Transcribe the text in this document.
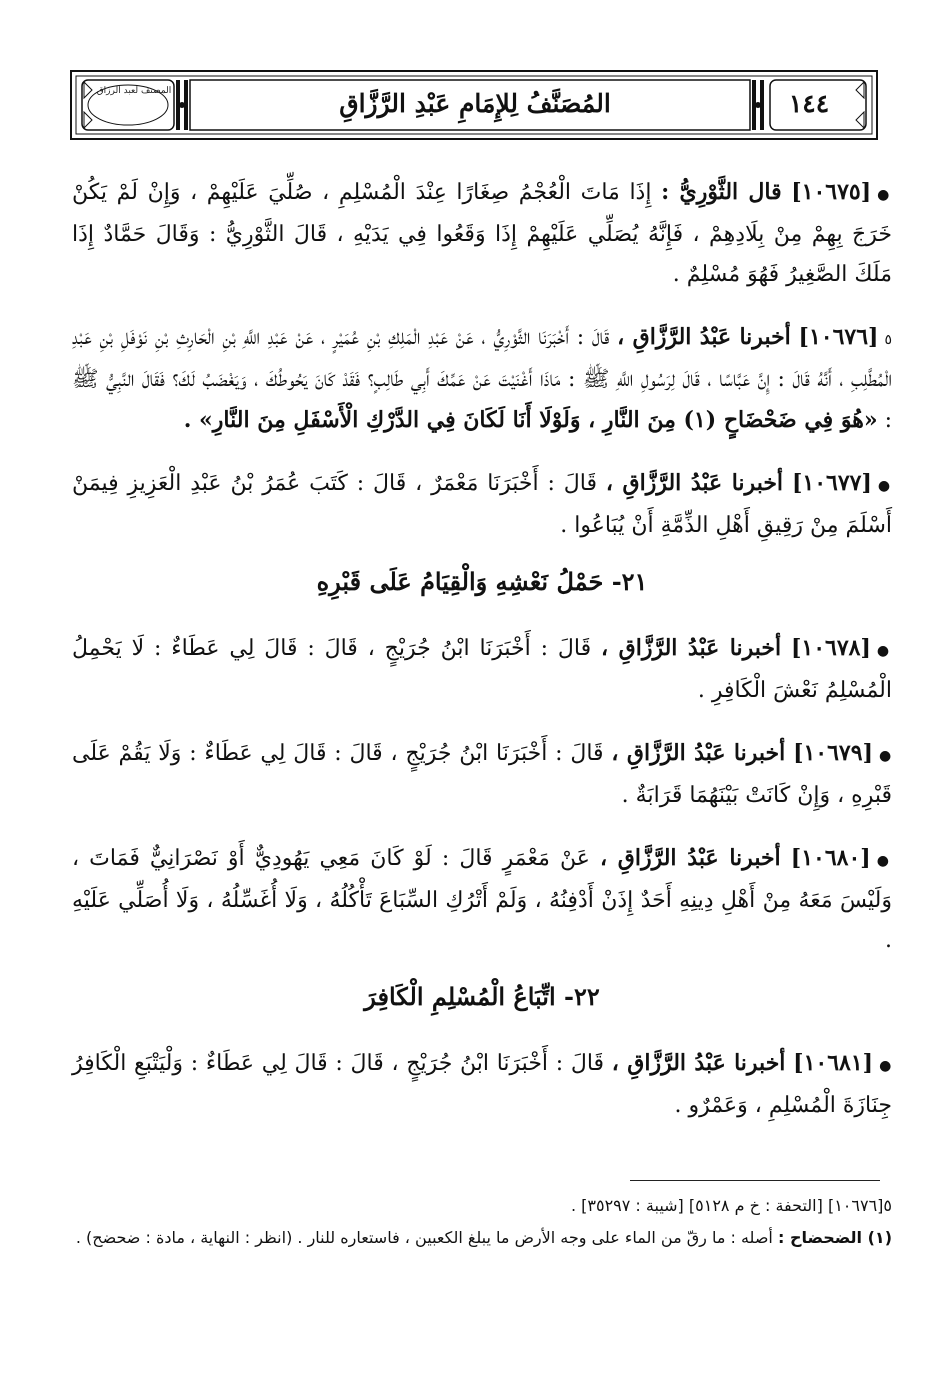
المصنف لعبد الرزاق	المُصَنَّفُ لِلإِمَامِ عَبْدِ الرَّزَّاقِ	١٤٤

●[١٠٦٧٥] قال الثَّوْرِيُّ : إِذَا مَاتَ الْعُجْمُ صِغَارًا عِنْدَ الْمُسْلِمِ ، صُلِّيَ عَلَيْهِمْ ، وَإِنْ لَمْ يَكُنْ خَرَجَ بِهِمْ مِنْ بِلَادِهِمْ ، فَإِنَّهُ يُصَلِّي عَلَيْهِمْ إِذَا وَقَعُوا فِي يَدَيْهِ ، قَالَ الثَّوْرِيُّ : وَقَالَ حَمَّادٌ إِذَا مَلَكَ الصَّغِيرُ فَهُوَ مُسْلِمٌ .

٥[١٠٦٧٦] أخبرنا عَبْدُ الرَّزَّاقِ ، قَالَ : أَخْبَرَنَا الثَّوْرِيُّ ، عَنْ عَبْدِ الْمَلِكِ بْنِ عُمَيْرٍ ، عَنْ عَبْدِ اللَّهِ بْنِ الْحَارِثِ بْنِ نَوْفَلِ بْنِ عَبْدِ الْمُطَّلِبِ ، أَنَّهُ قَالَ : إِنَّ عَبَّاسًا ، قَالَ لِرَسُولِ اللَّهِ ﷺ : مَاذَا أَغْنَيْتَ عَنْ عَمِّكَ أَبِي طَالِبٍ؟ فَقَدْ كَانَ يَحُوطُكَ ، وَيَغْضَبُ لَكَ؟ فَقَالَ النَّبِيُّ ﷺ : «هُوَ فِي ضَحْضَاحٍ (١) مِنَ النَّارِ ، وَلَوْلَا أَنَا لَكَانَ فِي الدَّرْكِ الْأَسْفَلِ مِنَ النَّارِ» .

●[١٠٦٧٧] أخبرنا عَبْدُ الرَّزَّاقِ ، قَالَ : أَخْبَرَنَا مَعْمَرٌ ، قَالَ : كَتَبَ عُمَرُ بْنُ عَبْدِ الْعَزِيزِ فِيمَنْ أَسْلَمَ مِنْ رَقِيقِ أَهْلِ الذِّمَّةِ أَنْ يُبَاعُوا .

٢١- حَمْلُ نَعْشِهِ وَالْقِيَامُ عَلَى قَبْرِهِ

●[١٠٦٧٨] أخبرنا عَبْدُ الرَّزَّاقِ ، قَالَ : أَخْبَرَنَا ابْنُ جُرَيْجٍ ، قَالَ : قَالَ لِي عَطَاءٌ : لَا يَحْمِلُ الْمُسْلِمُ نَعْشَ الْكَافِرِ .

●[١٠٦٧٩] أخبرنا عَبْدُ الرَّزَّاقِ ، قَالَ : أَخْبَرَنَا ابْنُ جُرَيْجٍ ، قَالَ : قَالَ لِي عَطَاءٌ : وَلَا يَقُمْ عَلَى قَبْرِهِ ، وَإِنْ كَانَتْ بَيْنَهُمَا قَرَابَةٌ .

●[١٠٦٨٠] أخبرنا عَبْدُ الرَّزَّاقِ ، عَنْ مَعْمَرٍ قَالَ : لَوْ كَانَ مَعِي يَهُودِيٌّ أَوْ نَصْرَانِيٌّ فَمَاتَ ، وَلَيْسَ مَعَهُ مِنْ أَهْلِ دِينِهِ أَحَدٌ إِذَنْ أَدْفِنُهُ ، وَلَمْ أَتْرُكِ السِّبَاعَ تَأْكُلُهُ ، وَلَا أُغَسِّلُهُ ، وَلَا أُصَلِّي عَلَيْهِ .

٢٢- اتِّبَاعُ الْمُسْلِمِ الْكَافِرَ

●[١٠٦٨١] أخبرنا عَبْدُ الرَّزَّاقِ ، قَالَ : أَخْبَرَنَا ابْنُ جُرَيْجٍ ، قَالَ : قَالَ لِي عَطَاءٌ : وَلْيَتْبَعِ الْكَافِرُ جِنَازَةَ الْمُسْلِمِ ، وَعَمْرٌو .

٥[١٠٦٧٦] [التحفة : خ م ٥١٢٨] [شيبة : ٣٥٢٩٧] .

(١) الضحضاح : أصله : ما رقّ من الماء على وجه الأرض ما يبلغ الكعبين ، فاستعاره للنار . (انظر : النهاية ، مادة : ضحضح) .
